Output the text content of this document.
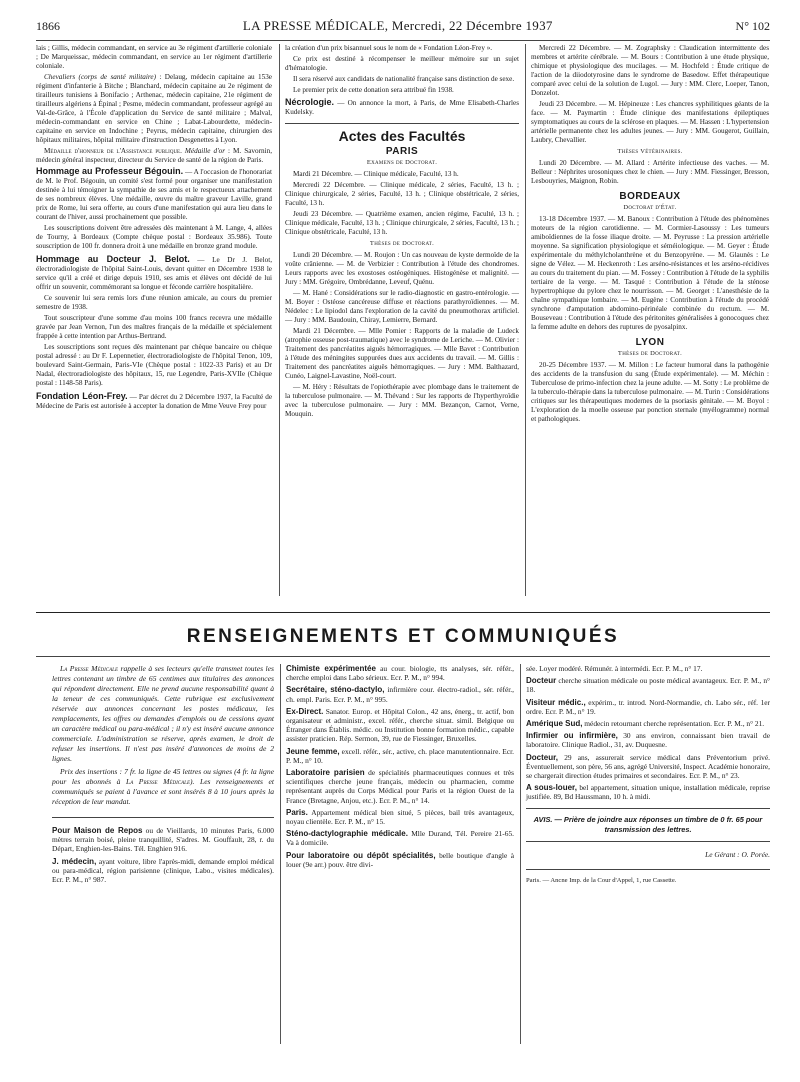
1866	LA PRESSE MÉDICALE, Mercredi, 22 Décembre 1937	N° 102

lais ; Gillis, médecin commandant, en service au 3e régiment d'artillerie coloniale ; De Marqueissac, médecin commandant, en service au 1er régiment d'artillerie coloniale.

Chevaliers (corps de santé militaire) : Delaug, médecin capitaine au 153e régiment d'infanterie à Bitche ; Blanchard, médecin capitaine au 2e régiment de tirailleurs tunisiens à Bonifacio ; Arthenac, médecin capitaine, 21e régiment de tirailleurs algériens à Épinal ; Pesme, médecin commandant, professeur agrégé au Val-de-Grâce, à l'École d'application du Service de santé militaire ; Malval, médecin-commandant en service en Chine ; Labat-Labourdette, médecin-capitaine en service en Indochine ; Peyrus, médecin capitaine, chirurgien des hôpitaux militaires, hôpital militaire d'instruction Desgenettes à Lyon.

Médaille d'honneur de l'Assistance publique. Médaille d'or : M. Savornin, médecin général inspecteur, directeur du Service de santé de la région de Paris.

Hommage au Professeur Bégouin. — A l'occasion de l'honorariat de M. le Prof. Bégouin, un comité s'est formé pour organiser une manifestation destinée à lui témoigner la sympathie de ses amis et le respectueux attachement de ses nombreux élèves. Une médaille, œuvre du maître graveur Laville, grand prix de Rome, lui sera offerte, au cours d'une manifestation qui aura lieu dans le courant de l'hiver, aussi prochainement que possible.

Les souscriptions doivent être adressées dès maintenant à M. Lange, 4, allées de Tourny, à Bordeaux (Compte chèque postal : Bordeaux 35.986). Toute souscription de 100 fr. donnera droit à une médaille en bronze grand module.

Hommage au Docteur J. Belot. — Le Dr J. Belot, électroradiologiste de l'hôpital Saint-Louis, devant quitter en Décembre 1938 le service qu'il a créé et dirige depuis 1910, ses amis et élèves ont décidé de lui offrir un souvenir, commémorant sa longue et féconde carrière hospitalière.

Ce souvenir lui sera remis lors d'une réunion amicale, au cours du premier semestre de 1938.

Tout souscripteur d'une somme d'au moins 100 francs recevra une médaille gravée par Jean Vernon, l'un des maîtres français de la médaille et spécialement frappée à cette intention par Arthus-Bertrand.

Les souscriptions sont reçues dès maintenant par chèque bancaire ou chèque postal adressé : au Dr F. Lepennetier, électroradiologiste de l'hôpital Tenon, 109, boulevard Saint-Germain, Paris-VIe (Chèque postal : 1022-33 Paris) et au Dr Nadal, électroradiologiste des hôpitaux, 15, rue Legendre, Paris-XVIIe (Chèque postal : 1148-58 Paris).

Fondation Léon-Frey. — Par décret du 2 Décembre 1937, la Faculté de Médecine de Paris est autorisée à accepter la donation de Mme Veuve Frey pour

la création d'un prix bisannuel sous le nom de « Fondation Léon-Frey ».

Ce prix est destiné à récompenser le meilleur mémoire sur un sujet d'hématologie.

Il sera réservé aux candidats de nationalité française sans distinction de sexe.

Le premier prix de cette donation sera attribué fin 1938.

Nécrologie. — On annonce la mort, à Paris, de Mme Elisabeth-Charles Kudelsky.

Actes des Facultés
PARIS
Examens de Doctorat.

Mardi 21 Décembre. — Clinique médicale, Faculté, 13 h.

Mercredi 22 Décembre. — Clinique médicale, 2 séries, Faculté, 13 h. ; Clinique chirurgicale, 2 séries, Faculté, 13 h. ; Clinique obstétricale, 2 séries, Faculté, 13 h.

Jeudi 23 Décembre. — Quatrième examen, ancien régime, Faculté, 13 h. ; Clinique médicale, Faculté, 13 h. ; Clinique chirurgicale, 2 séries, Faculté, 13 h. ; Clinique obstétricale, Faculté, 13 h.

Thèses de Doctorat.

Lundi 20 Décembre. — M. Roujon : Un cas nouveau de kyste dermoïde de la voûte crânienne. — M. de Verbizier : Contribution à l'étude des chondromes. Leurs rapports avec les exostoses ostéogéniques. Histogénèse et malignité. — Jury : MM. Grégoire, Ombrédanne, Leveuf, Quénu.

— M. Hané : Considérations sur le radio-diagnostic en gastro-entérologie. — M. Boyer : Ostéose cancéreuse diffuse et réactions parathyroïdiennes. — M. Nédelec : Le lipiodol dans l'exploration de la cavité du pneumothorax artificiel. — Jury : MM. Baudouin, Chiray, Lemierre, Bernard.

Mardi 21 Décembre. — Mlle Pomier : Rapports de la maladie de Ludeck (atrophie osseuse post-traumatique) avec le syndrome de Leriche. — M. Olivier : Traitement des pancréatites aiguës hémorragiques. — Mlle Bavet : Contribution à l'étude des méningites suppurées dues aux accidents du travail. — M. Gillis : Traitement des pancréatites aiguës hémorragiques. — Jury : MM. Balthazard, Cunéo, Laignel-Lavastine, Noël-court.

— M. Héry : Résultats de l'opiothérapie avec plombage dans le traitement de la tuberculose pulmonaire. — M. Thévand : Sur les rapports de l'hyperthyroïdie avec la tuberculose pulmonaire. — Jury : MM. Bezançon, Carnot, Verne, Mouquin.

Mercredi 22 Décembre. — M. Zographsky : Claudication intermittente des membres et artérite cérébrale. — M. Bours : Contribution à une étude physique, chimique et physiologique des mucilages. — M. Hochfeld : Étude critique de l'action de la diiodotyrosine dans le syndrome de Basedow. Effet thérapeutique comparé avec celui de la solution de Lugol. — Jury : MM. Clerc, Loeper, Tanon, Donzelot.

Jeudi 23 Décembre. — M. Hépineuze : Les chancres syphilitiques géants de la face. — M. Paymartin : Étude clinique des manifestations épileptiques symptomatiques au cours de la sclérose en plaques. — M. Hassen : L'hypertension artérielle permanente chez les adultes jeunes. — Jury : MM. Gougerot, Guillain, Laubry, Chevallier.

Thèses Vétérinaires.

Lundi 20 Décembre. — M. Allard : Artérite infectieuse des vaches. — M. Belleur : Néphrites urosoniques chez le chien. — Jury : MM. Fiessinger, Bresson, Lesbouyries, Maignon, Robin.

BORDEAUX
Doctorat d'État.

13-18 Décembre 1937. — M. Banoux : Contribution à l'étude des phénomènes moteurs de la région carotidienne. — M. Cormier-Lasoussy : Les tumeurs amiboïdiennes de la fosse iliaque droite. — M. Peyrusse : La pression artérielle moyenne. Sa signification physiologique et séméiologique. — M. Geyer : Étude expérimentale du méthylcholanthrène et du Benzopyrène. — M. Glaunès : Le signe de Vélez. — M. Heckenroth : Les arséno-résistances et les arséno-récidives au cours du traitement du pian. — M. Fossey : Contribution à l'étude de la syphilis tertiaire de la verge. — M. Tasqué : Contribution à l'étude de la sténose hypertrophique du pylore chez le nourrisson. — M. Georget : L'anesthésie de la chaîne sympathique lombaire. — M. Eugène : Contribution à l'étude du procédé synchrone d'amputation abdomino-périnéale combinée du rectum. — M. Bouseveau : Contribution à l'étude des péritonites généralisées à gonocoques chez la femme adulte en dehors des ruptures de pyosalpinx.

LYON
Thèses de Doctorat.

20-25 Décembre 1937. — M. Millon : Le facteur humoral dans la pathogénie des accidents de la transfusion du sang (Étude expérimentale). — M. Méchin : Tuberculose de primo-infection chez la jeune adulte. — M. Sotty : Le problème de la tuberculo-thérapie dans la tuberculose pulmonaire. — M. Turin : Considérations critiques sur les thérapeutiques modernes de la psoriasis génitale. — M. Boyol : L'exploration de la moelle osseuse par ponction sternale (myélogramme) normal et pathologiques.

RENSEIGNEMENTS ET COMMUNIQUÉS

La Presse Médicale rappelle à ses lecteurs qu'elle transmet toutes les lettres contenant un timbre de 65 centimes aux titulaires des annonces qui répondent directement. Elle ne prend aucune responsabilité quant à la teneur de ces communiqués. Cette rubrique est exclusivement réservée aux annonces concernant les postes médicaux, les remplacements, les offres ou demandes d'emplois ou de cessions ayant un caractère médical ou para-médical ; il n'y est inséré aucune annonce commerciale. L'administration se réserve, après examen, le droit de refuser les insertions. Il n'est pas inséré d'annonces de moins de 2 lignes.

Prix des insertions : 7 fr. la ligne de 45 lettres ou signes (4 fr. la ligne pour les abonnés à La Presse Médicale). Les renseignements et communiqués se paient à l'avance et sont insérés 8 à 10 jours après la réception de leur mandat.

Pour Maison de Repos ou de Vieillards, 10 minutes Paris, 6.000 mètres terrain boisé, pleine tranquillité, S'adres. M. Gouffault, 28, r. du Départ, Enghien-les-Bains. Tél. Enghien 916.

J. médecin, ayant voiture, libre l'après-midi, demande emploi médical ou para-médical, région parisienne (clinique, Labo., visites médicales). Ecr. P. M., n° 987.

Chimiste expérimentée au cour. biologie, tts analyses, sér. référ., cherche emploi dans Labo sérieux. Ecr. P. M., n° 994.

Secrétaire, sténo-dactylo, infirmière cour. électro-radiol., sér. référ., ch. empl. Paris. Ecr. P. M., n° 995.

Ex-Direct. Sanator. Europ. et Hôpital Colon., 42 ans, énerg., tr. actif, bon organisateur et administr., excel. référ., cherche situat. simil. Belgique ou Étranger dans Établis. médic. ou Institution bonne formation médic., capable assister praticien. Rép. Sermon, 39, rue de Fiessinger, Bruxelles.

Jeune femme, excell. référ., sér., active, ch. place manutentionnaire. Ecr. P. M., n° 10.

Laboratoire parisien de spécialités pharmaceutiques connues et très scientifiques cherche jeune français, médecin ou pharmacien, comme représentant auprès du Corps Médical pour Paris et la région Ouest de la France (Bretagne, Anjou, etc.). Ecr. P. M., n° 14.

Paris. Appartement médical bien situé, 5 pièces, bail très avantageux, noyau clientèle. Ecr. P. M., n° 15.

Sténo-dactylographie médicale. Mlle Durand, Tél. Pereire 21-65. Va à domicile.

Pour laboratoire ou dépôt spécialités, belle boutique d'angle à louer (9e arr.) pouv. être divi-

sée. Loyer modéré. Rémunér. à intermédi. Ecr. P. M., n° 17.

Docteur cherche situation médicale ou poste médical avantageux. Ecr. P. M., n° 18.

Visiteur médic., expérim., tr. introd. Nord-Normandie, ch. Labo sér., réf. 1er ordre. Ecr. P. M., n° 19.

Amérique Sud, médecin retournant cherche représentation. Ecr. P. M., n° 21.

Infirmier ou infirmière, 30 ans environ, connaissant bien travail de laboratoire. Clinique Radiol., 31, av. Duquesne.

Docteur, 29 ans, assurerait service médical dans Préventorium privé. Éventuellement, son père, 56 ans, agrégé Université, Inspect. Académie honoraire, se chargerait direction études primaires et secondaires. Ecr. P. M., n° 23.

A sous-louer, bel appartement, situation unique, installation médicale, reprise justifiée. 89, Bd Haussmann, 10 h. à midi.

AVIS. — Prière de joindre aux réponses un timbre de 0 fr. 65 pour transmission des lettres.
Le Gérant : O. Porée.
Paris. — Ancne Imp. de la Cour d'Appel, 1, rue Cassette.
